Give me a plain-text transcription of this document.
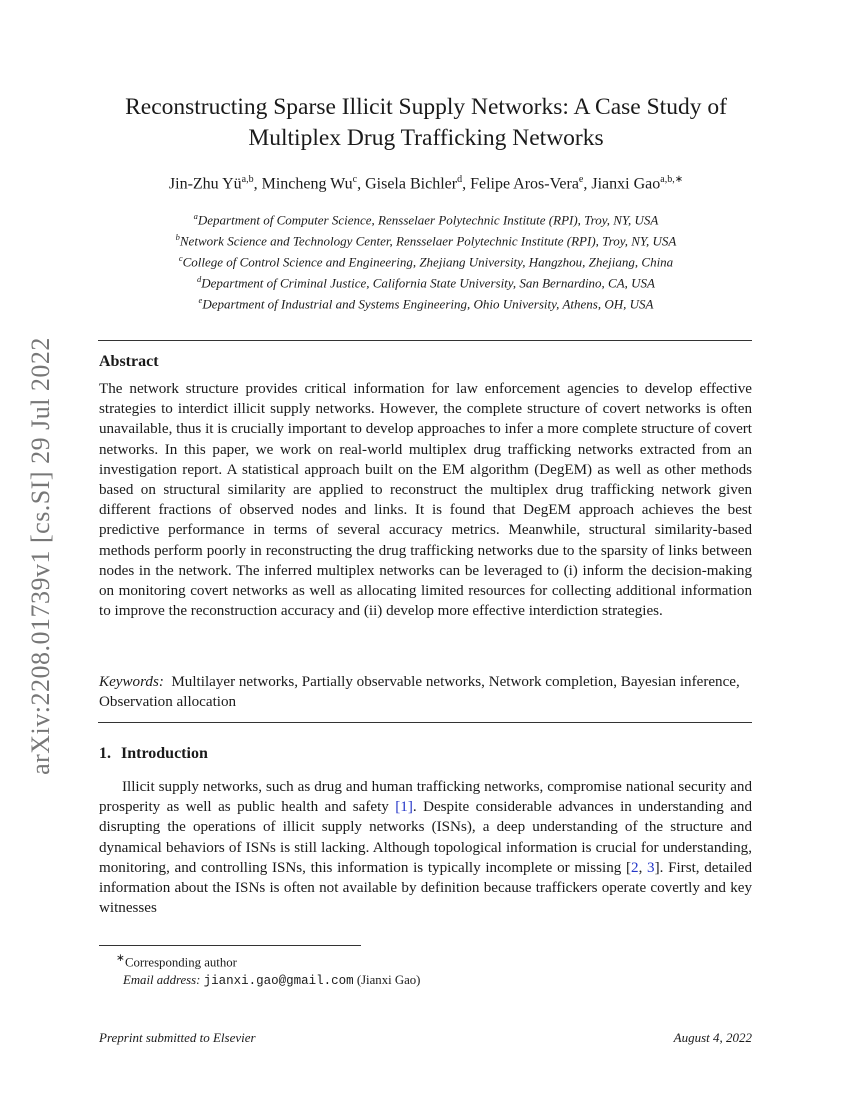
arXiv:2208.01739v1 [cs.SI] 29 Jul 2022
Reconstructing Sparse Illicit Supply Networks: A Case Study of
Multiplex Drug Trafficking Networks
Jin-Zhu Yü$^{a,b}$, Mincheng Wu$^c$, Gisela Bichler$^d$, Felipe Aros-Vera$^e$, Jianxi Gao$^{a,b,∗}$
$^a$Department of Computer Science, Rensselaer Polytechnic Institute (RPI), Troy, NY, USA
$^b$Network Science and Technology Center, Rensselaer Polytechnic Institute (RPI), Troy, NY, USA
$^c$College of Control Science and Engineering, Zhejiang University, Hangzhou, Zhejiang, China
$^d$Department of Criminal Justice, California State University, San Bernardino, CA, USA
$^e$Department of Industrial and Systems Engineering, Ohio University, Athens, OH, USA
Abstract
The network structure provides critical information for law enforcement agencies to develop effective strategies to interdict illicit supply networks. However, the complete structure of covert networks is often unavailable, thus it is crucially important to develop approaches to infer a more complete structure of covert networks. In this paper, we work on real-world multiplex drug trafficking networks extracted from an investigation report. A statistical approach built on the EM algorithm (DegEM) as well as other methods based on structural similarity are applied to reconstruct the multiplex drug trafficking network given different fractions of observed nodes and links. It is found that DegEM approach achieves the best predictive performance in terms of several accuracy metrics. Meanwhile, structural similarity-based methods perform poorly in reconstructing the drug trafficking networks due to the sparsity of links between nodes in the network. The inferred multiplex networks can be leveraged to (i) inform the decision-making on monitoring covert networks as well as allocating limited resources for collecting additional information to improve the reconstruction accuracy and (ii) develop more effective interdiction strategies.
Keywords: Multilayer networks, Partially observable networks, Network completion, Bayesian inference, Observation allocation
1. Introduction
Illicit supply networks, such as drug and human trafficking networks, compromise national security and prosperity as well as public health and safety [1]. Despite considerable advances in understanding and disrupting the operations of illicit supply networks (ISNs), a deep understanding of the structure and dynamical behaviors of ISNs is still lacking. Although topological information is crucial for understanding, monitoring, and controlling ISNs, this information is typically incomplete or missing [2, 3]. First, detailed information about the ISNs is often not available by definition because traffickers operate covertly and key witnesses
∗Corresponding author
Email address: jianxi.gao@gmail.com (Jianxi Gao)
Preprint submitted to Elsevier	August 4, 2022
